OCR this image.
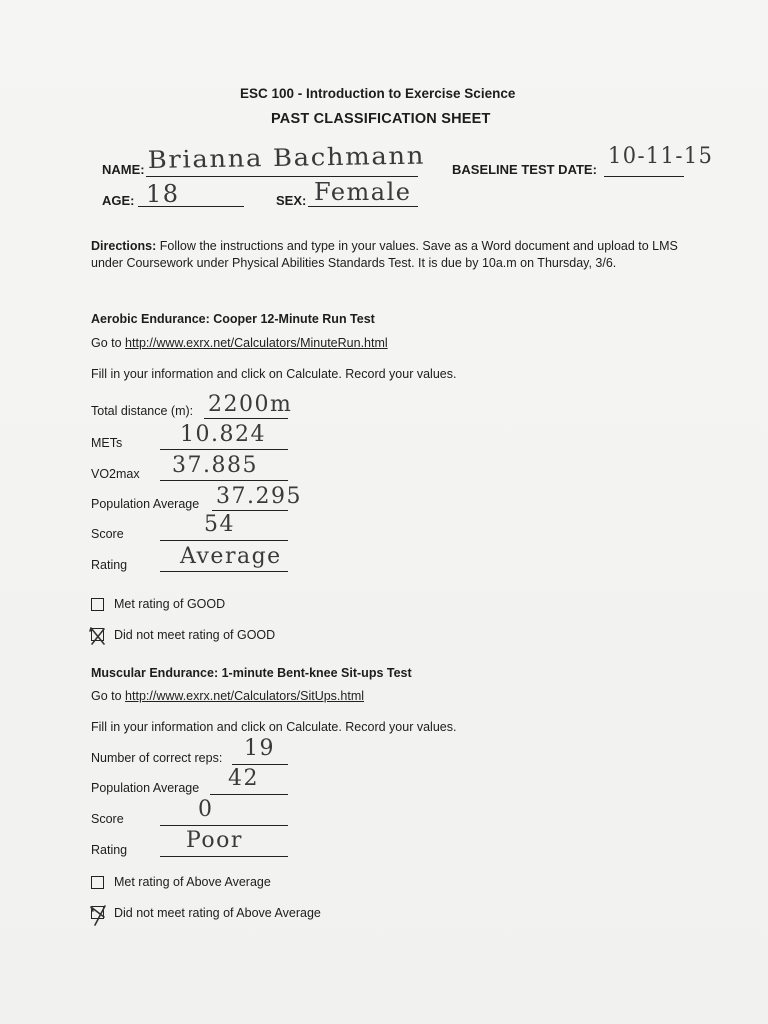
ESC 100 - Introduction to Exercise Science
PAST CLASSIFICATION SHEET
NAME: Brianna Bachmann BASELINE TEST DATE:
10-11-15
AGE: 18	SEX: Female
Directions: Follow the instructions and type in your values. Save as a Word document and upload to LMS under Coursework under Physical Abilities Standards Test. It is due by 10a.m on Thursday, 3/6.
Aerobic Endurance: Cooper 12-Minute Run Test
Go to http://www.exrx.net/Calculators/MinuteRun.html
Fill in your information and click on Calculate. Record your values.
Total distance (m): 2200m
METs	10.824
VO2max 37.885
Population Average 37.295
Score	54
Rating Average
Met rating of GOOD
Did not meet rating of GOOD
Muscular Endurance: 1-minute Bent-knee Sit-ups Test
Go to http://www.exrx.net/Calculators/SitUps.html
Fill in your information and click on Calculate. Record your values.
Number of correct reps: 19
Population Average 42
Score	0
Rating	Poor
Met rating of Above Average
Did not meet rating of Above Average
